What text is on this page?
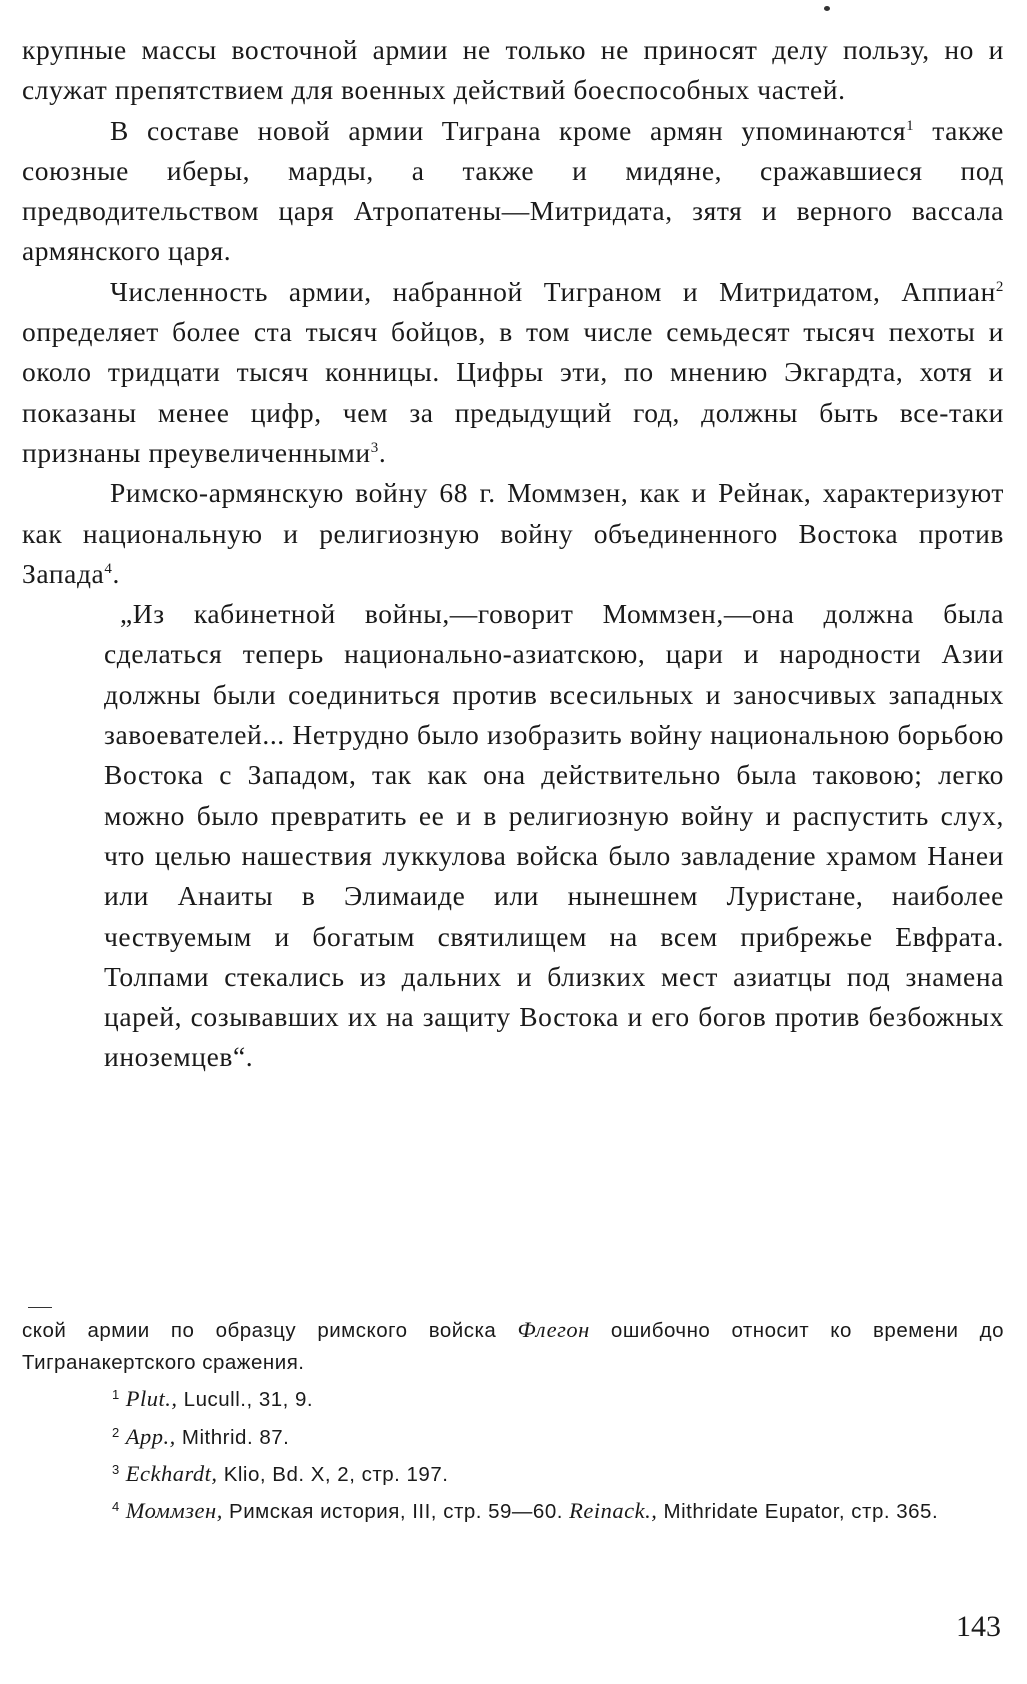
крупные массы восточной армии не только не приносят делу пользу, но и служат препятствием для военных действий боеспособных частей.

В составе новой армии Тиграна кроме армян упоминаются$^1$ также союзные иберы, марды, а также и мидяне, сражавшиеся под предводительством царя Атропатены—Митридата, зятя и верного вассала армянского царя.

Численность армии, набранной Тиграном и Митридатом, Аппиан$^2$ определяет более ста тысяч бойцов, в том числе семьдесят тысяч пехоты и около тридцати тысяч конницы. Цифры эти, по мнению Экгардта, хотя и показаны менее цифр, чем за предыдущий год, должны быть все-таки признаны преувеличенными$^3$.

Римско-армянскую войну 68 г. Моммзен, как и Рейнак, характеризуют как национальную и религиозную войну объединенного Востока против Запада$^4$.

„Из кабинетной войны,—говорит Моммзен,—она должна была сделаться теперь национально-азиатскою, цари и народности Азии должны были соединиться против всесильных и заносчивых западных завоевателей... Нетрудно было изобразить войну национальною борьбою Востока с Западом, так как она действительно была таковою; легко можно было превратить ее и в религиозную войну и распустить слух, что целью нашествия луккулова войска было завладение храмом Нанеи или Анаиты в Элимаиде или нынешнем Луристане, наиболее чествуемым и богатым святилищем на всем прибрежье Евфрата. Толпами стекались из дальних и близких мест азиатцы под знамена царей, созывавших их на защиту Востока и его богов против безбожных иноземцев“.

ской армии по образцу римского войска Флегон ошибочно относит ко времени до Тигранакертского сражения.

$^1$ Plut., Lucull., 31, 9.

$^2$ App., Mithrid. 87.

$^3$ Eckhardt, Klio, Bd. X, 2, стр. 197.

$^4$ Моммзен, Римская история, III, стр. 59—60. Reinack., Mithridate Eupator, стр. 365.

143
